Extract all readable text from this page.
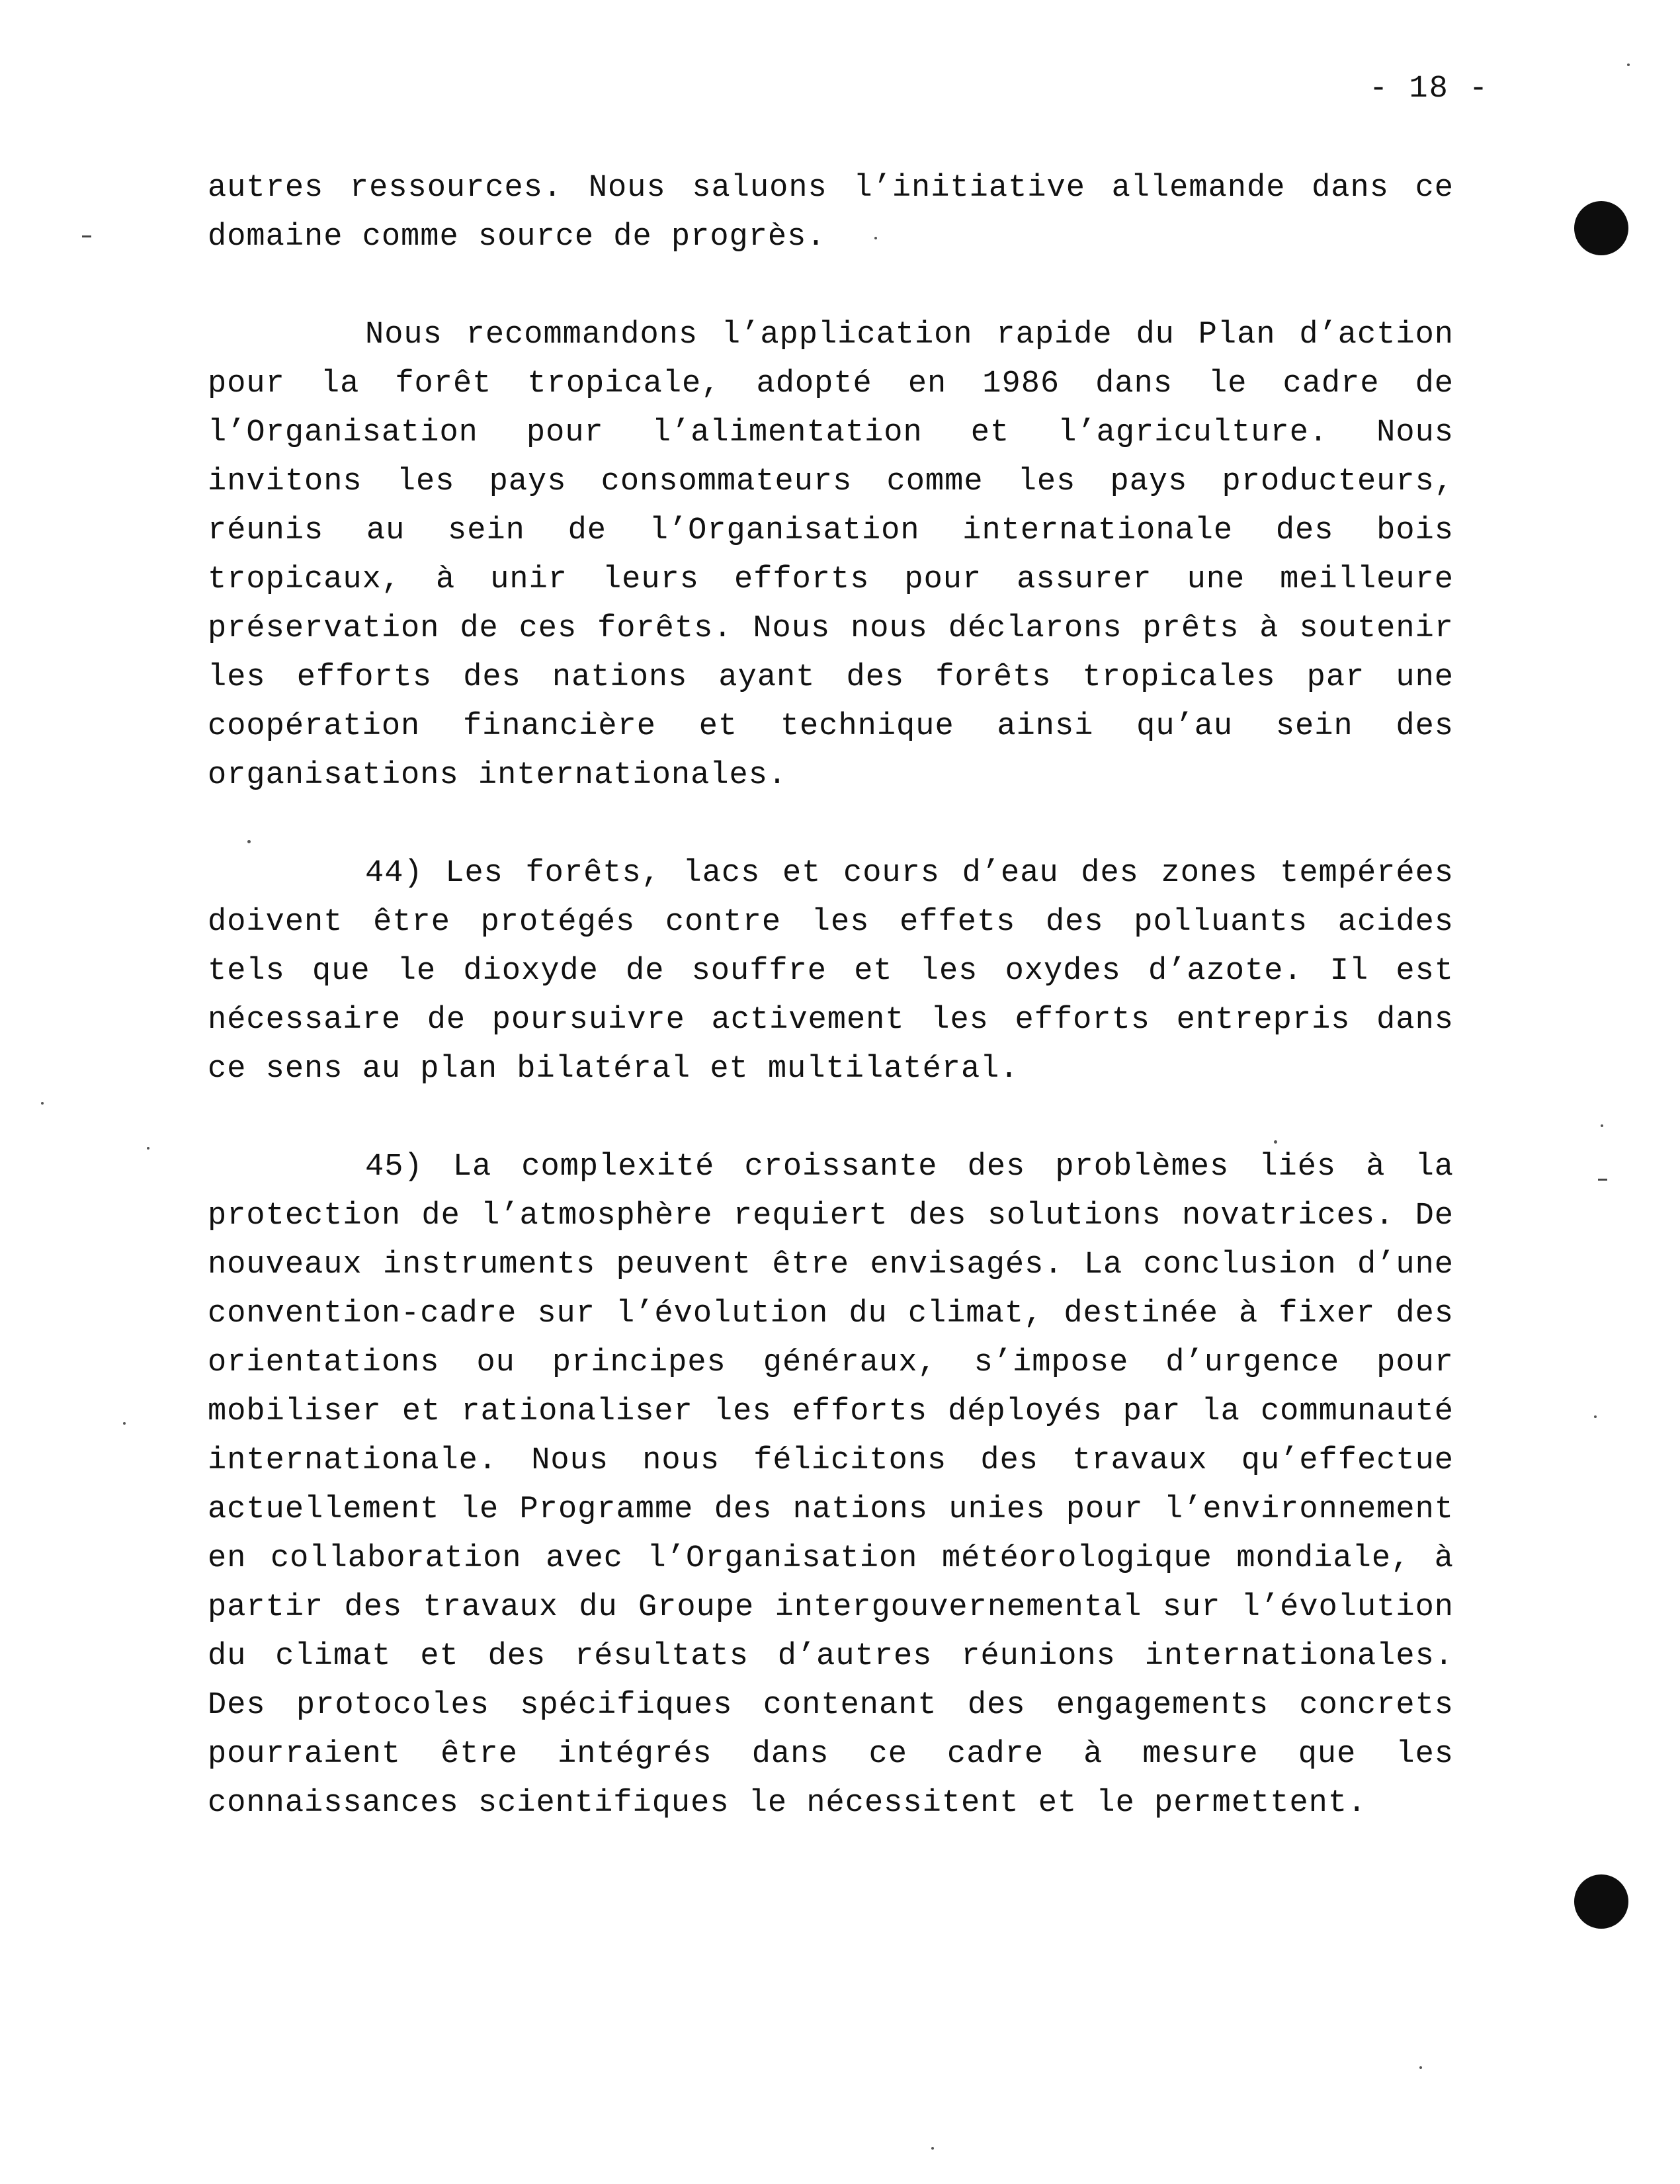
- 18 -

autres ressources. Nous saluons l’initiative allemande dans ce domaine comme source de progrès.

Nous recommandons l’application rapide du Plan d’action pour la forêt tropicale, adopté en 1986 dans le cadre de l’Organisation pour l’alimentation et l’agriculture. Nous invitons les pays consommateurs comme les pays producteurs, réunis au sein de l’Organisation internationale des bois tropicaux, à unir leurs efforts pour assurer une meilleure préservation de ces forêts. Nous nous déclarons prêts à soutenir les efforts des nations ayant des forêts tropicales par une coopération financière et technique ainsi qu’au sein des organisations internationales.

44) Les forêts, lacs et cours d’eau des zones tempérées doivent être protégés contre les effets des polluants acides tels que le dioxyde de souffre et les oxydes d’azote. Il est nécessaire de poursuivre activement les efforts entrepris dans ce sens au plan bilatéral et multilatéral.

45) La complexité croissante des problèmes liés à la protection de l’atmosphère requiert des solutions novatrices. De nouveaux instruments peuvent être envisagés. La conclusion d’une convention-cadre sur l’évolution du climat, destinée à fixer des orientations ou principes généraux, s’impose d’urgence pour mobiliser et rationaliser les efforts déployés par la communauté internationale. Nous nous félicitons des travaux qu’effectue actuellement le Programme des nations unies pour l’environnement en collaboration avec l’Organisation météorologique mondiale, à partir des travaux du Groupe intergouvernemental sur l’évolution du climat et des résultats d’autres réunions internationales. Des protocoles spécifiques contenant des engagements concrets pourraient être intégrés dans ce cadre à mesure que les connaissances scientifiques le nécessitent et le permettent.
